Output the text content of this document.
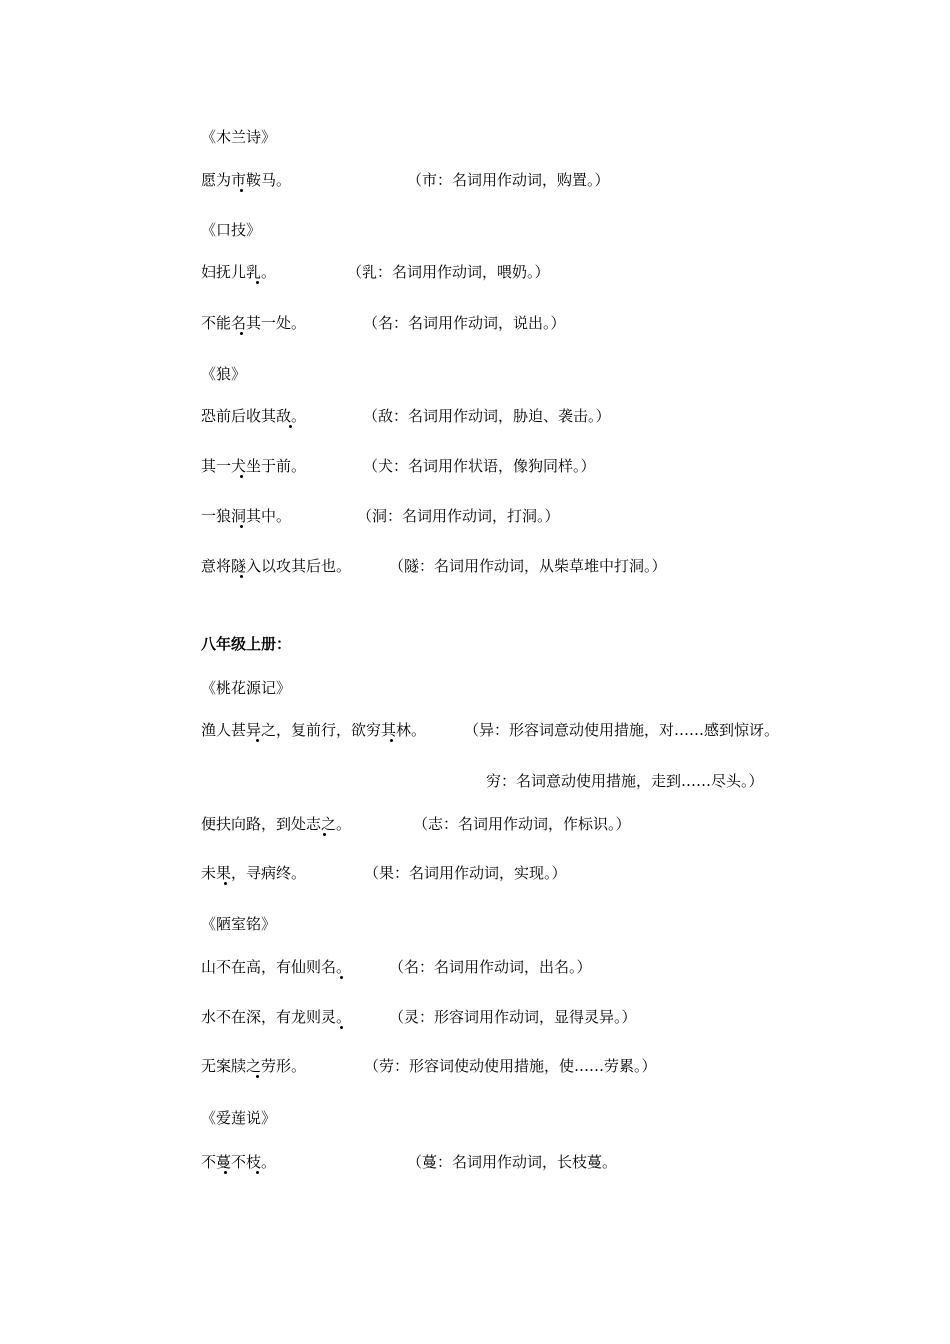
《木兰诗》
愿为市鞍马。	（市：名词用作动词，购置。）
《口技》
妇抚儿乳。	（乳：名词用作动词，喂奶。）
不能名其一处。	（名：名词用作动词，说出。）
《狼》
恐前后收其敌。	（敌：名词用作动词，胁迫、袭击。）
其一犬坐于前。	（犬：名词用作状语，像狗同样。）
一狼洞其中。	（洞：名词用作动词，打洞。）
意将隧入以攻其后也。	（隧：名词用作动词，从柴草堆中打洞。）
八年级上册：
《桃花源记》
渔人甚异之，复前行，欲穷其林。	（异：形容词意动使用措施，对……感到惊讶。
穷：名词意动使用措施，走到……尽头。）
便扶向路，到处志之。	（志：名词用作动词，作标识。）
未果，寻病终。	（果：名词用作动词，实现。）
《陋室铭》
山不在高，有仙则名。	（名：名词用作动词，出名。）
水不在深，有龙则灵。	（灵：形容词用作动词，显得灵异。）
无案牍之劳形。	（劳：形容词使动使用措施，使……劳累。）
《爱莲说》
不蔓不枝。	（蔓：名词用作动词，长枝蔓。
